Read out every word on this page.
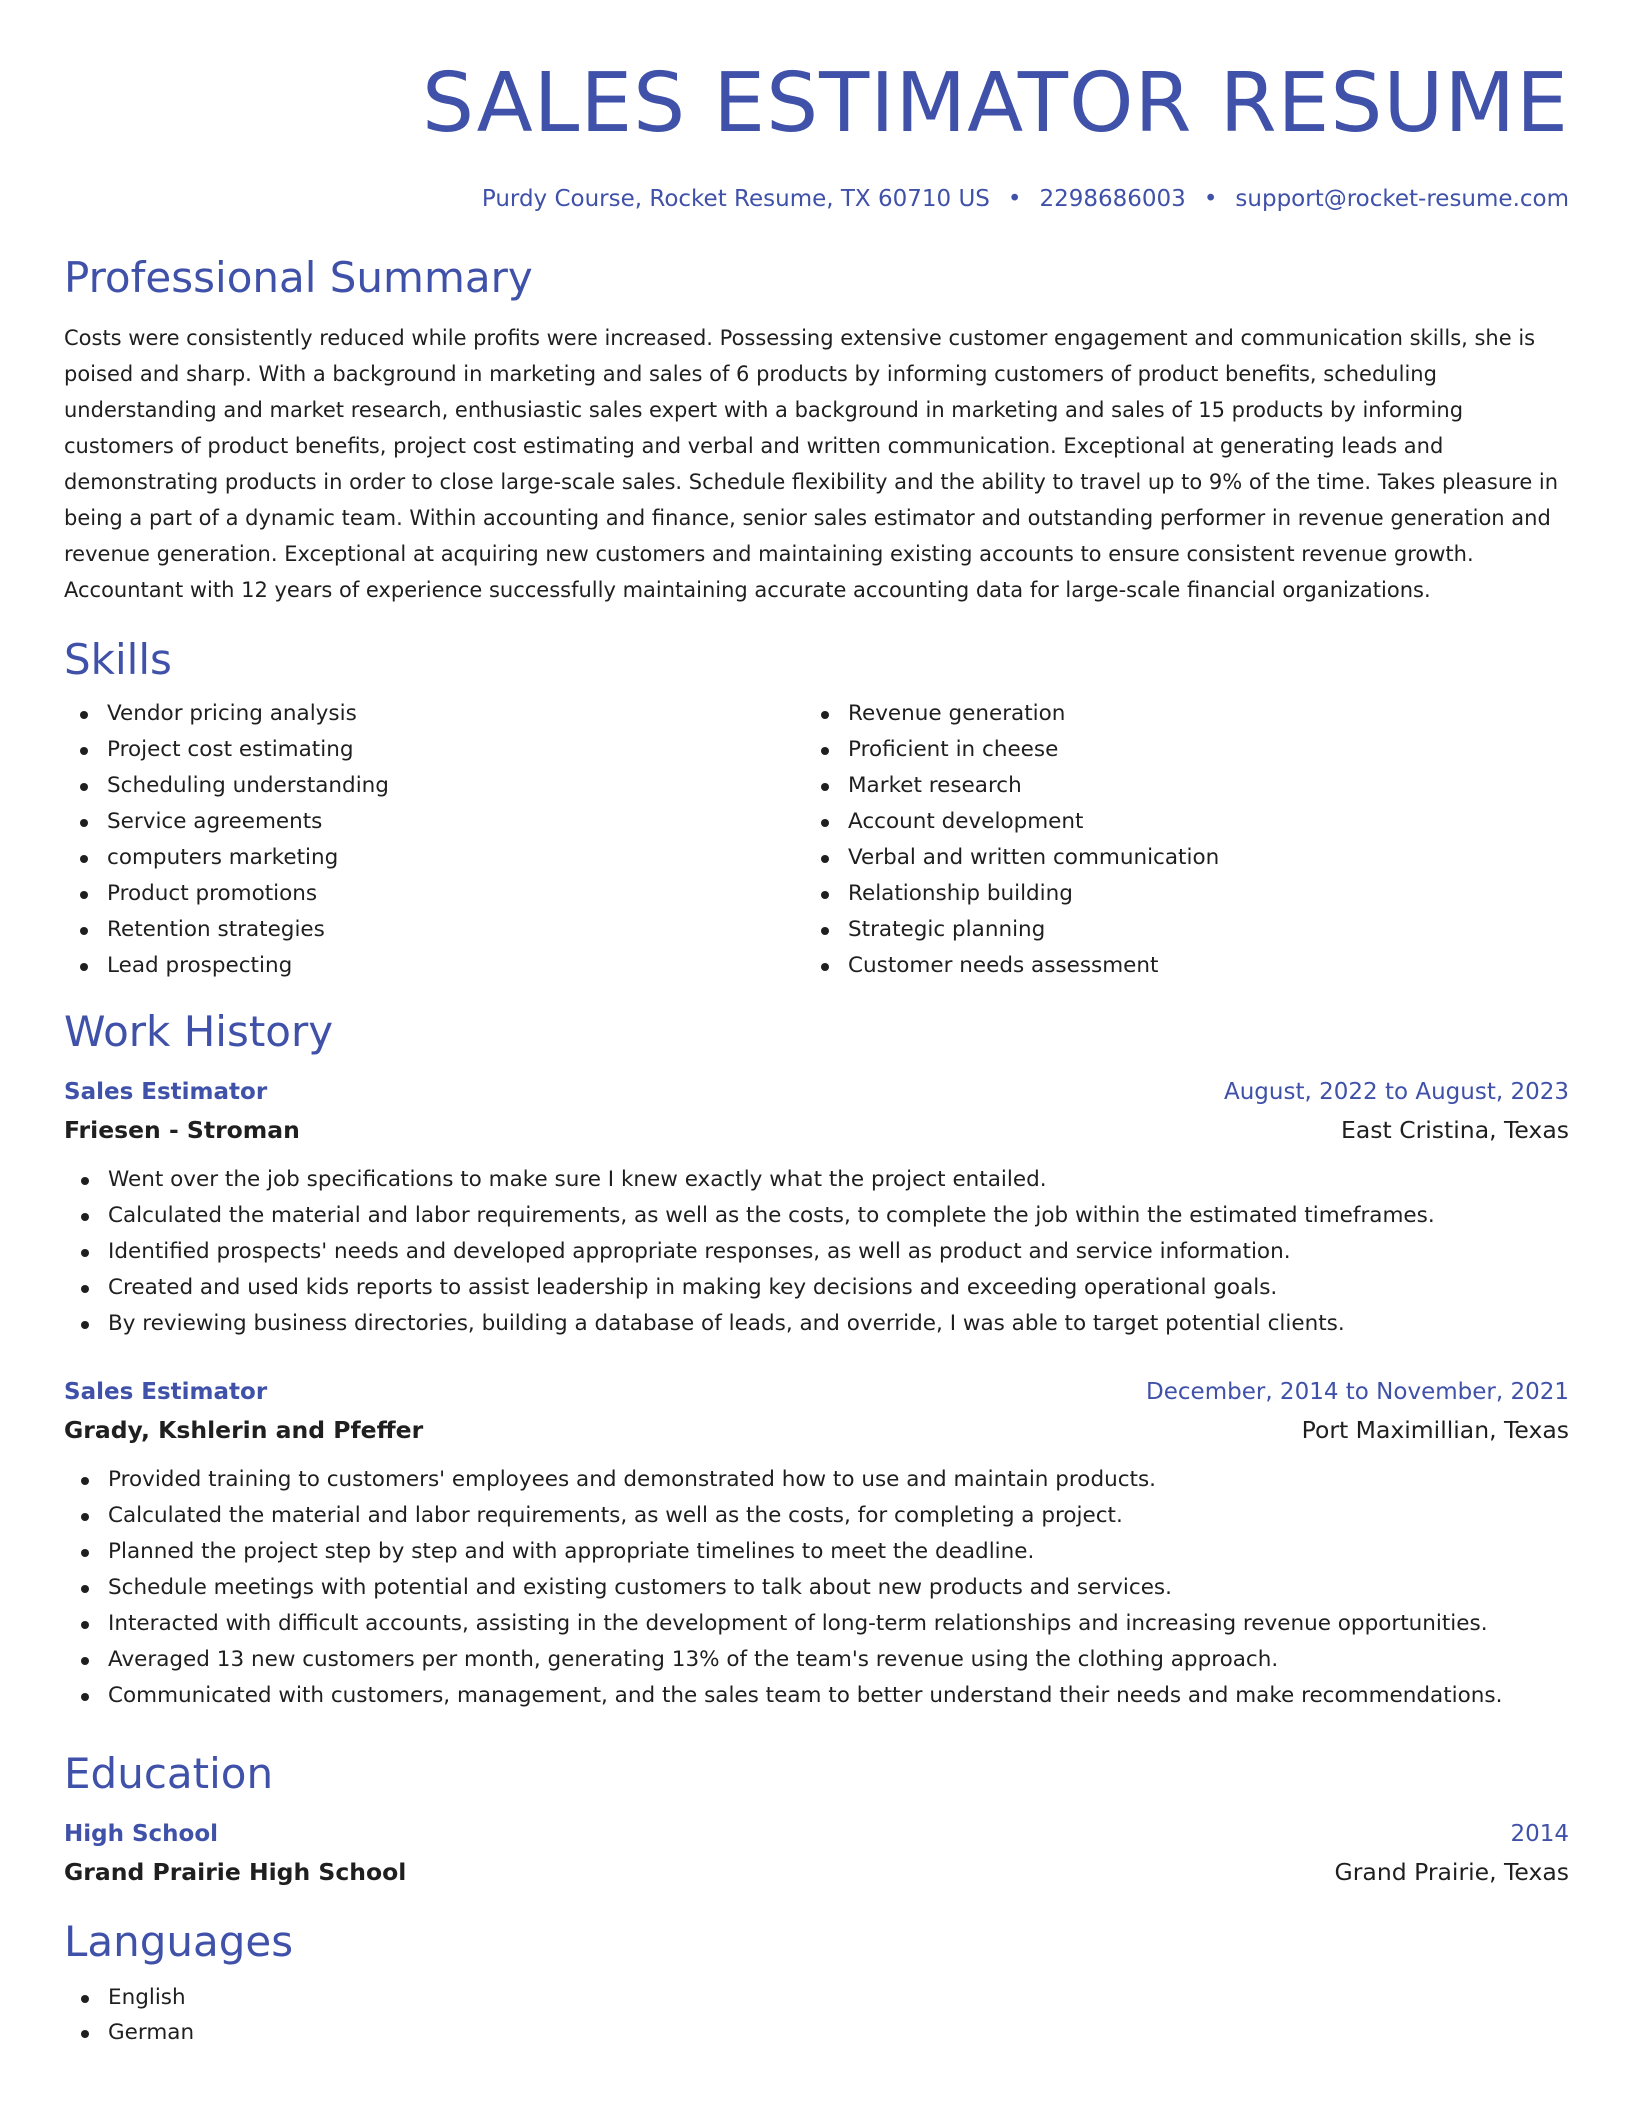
SALES ESTIMATOR RESUME
Purdy Course, Rocket Resume, TX 60710 US • 2298686003 • support@rocket-resume.com
Professional Summary

Costs were consistently reduced while profits were increased. Possessing extensive customer engagement and communication skills, she is poised and sharp. With a background in marketing and sales of 6 products by informing customers of product benefits, scheduling understanding and market research, enthusiastic sales expert with a background in marketing and sales of 15 products by informing customers of product benefits, project cost estimating and verbal and written communication. Exceptional at generating leads and demonstrating products in order to close large-scale sales. Schedule flexibility and the ability to travel up to 9% of the time. Takes pleasure in being a part of a dynamic team. Within accounting and finance, senior sales estimator and outstanding performer in revenue generation and revenue generation. Exceptional at acquiring new customers and maintaining existing accounts to ensure consistent revenue growth. Accountant with 12 years of experience successfully maintaining accurate accounting data for large-scale financial organizations.

Skills
Vendor pricing analysis
Project cost estimating
Scheduling understanding
Service agreements
computers marketing
Product promotions
Retention strategies
Lead prospecting
Revenue generation
Proficient in cheese
Market research
Account development
Verbal and written communication
Relationship building
Strategic planning
Customer needs assessment
Work History
Sales Estimator	August, 2022 to August, 2023
Friesen - Stroman	East Cristina, Texas
Went over the job specifications to make sure I knew exactly what the project entailed.
Calculated the material and labor requirements, as well as the costs, to complete the job within the estimated timeframes.
Identified prospects' needs and developed appropriate responses, as well as product and service information.
Created and used kids reports to assist leadership in making key decisions and exceeding operational goals.
By reviewing business directories, building a database of leads, and override, I was able to target potential clients.
Sales Estimator	December, 2014 to November, 2021
Grady, Kshlerin and Pfeffer	Port Maximillian, Texas
Provided training to customers' employees and demonstrated how to use and maintain products.
Calculated the material and labor requirements, as well as the costs, for completing a project.
Planned the project step by step and with appropriate timelines to meet the deadline.
Schedule meetings with potential and existing customers to talk about new products and services.
Interacted with difficult accounts, assisting in the development of long-term relationships and increasing revenue opportunities.
Averaged 13 new customers per month, generating 13% of the team's revenue using the clothing approach.
Communicated with customers, management, and the sales team to better understand their needs and make recommendations.
Education
High School	2014
Grand Prairie High School	Grand Prairie, Texas
Languages
English
German
